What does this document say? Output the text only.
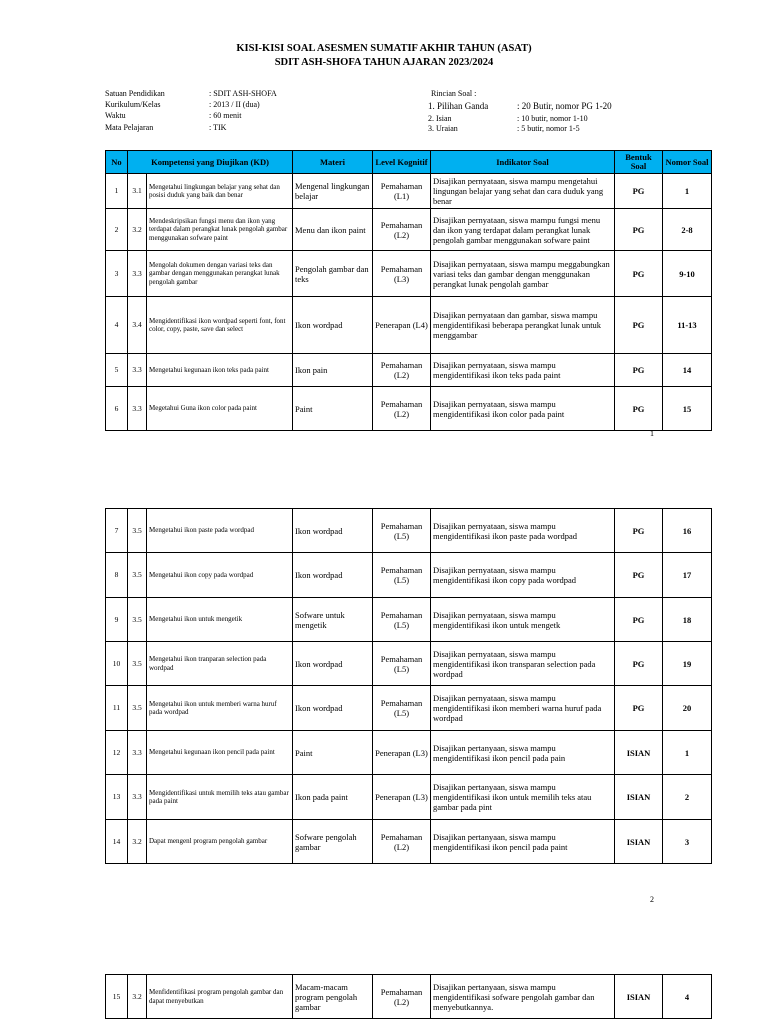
KISI-KISI SOAL ASESMEN SUMATIF AKHIR TAHUN (ASAT)
SDIT ASH-SHOFA TAHUN AJARAN 2023/2024
Satuan Pendidikan	: SDIT ASH-SHOFA
Kurikulum/Kelas	: 2013 / II (dua)
Waktu	: 60 menit
Mata Pelajaran	: TIK
Rincian Soal :
1. Pilihan Ganda	: 20 Butir, nomor PG 1-20
2. Isian	: 10 butir, nomor 1-10
3. Uraian	: 5 butir, nomor 1-5
No	Kompetensi yang Diujikan (KD)		Materi	Level Kognitif	Indikator Soal	Bentuk Soal	Nomor Soal
1	3.1	Mengetahui lingkungan belajar yang sehat dan posisi duduk yang baik dan benar	Mengenal lingkungan belajar	Pemahaman (L1)	Disajikan pernyataan, siswa mampu mengetahui lingungan belajar yang sehat dan cara duduk yang benar	PG	1
2	3.2	Mendeskripsikan fungsi menu dan ikon yang terdapat dalam perangkat lunak pengolah gambar menggunakan sofware paint	Menu dan ikon paint	Pemahaman (L2)	Disajikan pernyataan, siswa mampu fungsi menu dan ikon yang terdapat dalam perangkat lunak pengolah gambar menggunakan sofware paint	PG	2-8
3	3.3	Mengolah dokumen dengan variasi teks dan gambar dengan menggunakan perangkat lunak pengolah gambar	Pengolah gambar dan teks	Pemahaman (L3)	Disajikan pernyataan, siswa mampu meggabungkan variasi teks dan gambar dengan menggunakan perangkat lunak pengolah gambar	PG	9-10
4	3.4	Mengidentifikasi ikon wordpad seperti font, font color, copy, paste, save dan select	Ikon wordpad	Penerapan (L4)	Disajikan pernyataan dan gambar, siswa mampu mengidentifikasi beberapa perangkat lunak untuk menggambar	PG	11-13
5	3.3	Mengetahui kegunaan ikon teks pada paint	Ikon pain	Pemahaman (L2)	Disajikan pernyataan, siswa mampu mengidentifikasi ikon teks pada paint	PG	14
6	3.3	Megetahui Guna ikon color pada paint	Paint	Pemahaman (L2)	Disajikan pernyataan, siswa mampu mengidentifikasi ikon color pada paint	PG	15
1
7	3.5	Mengetahui ikon paste pada wordpad	Ikon wordpad	Pemahaman (L5)	Disajikan pernyataan, siswa mampu mengidentifikasi ikon paste pada wordpad	PG	16
8	3.5	Mengetahui ikon copy pada wordpad	Ikon wordpad	Pemahaman (L5)	Disajikan pernyataan, siswa mampu mengidentifikasi ikon copy pada wordpad	PG	17
9	3.5	Mengetahui ikon untuk mengetik	Sofware untuk mengetik	Pemahaman (L5)	Disajikan pernyataan, siswa mampu mengidentifikasi ikon untuk mengetk	PG	18
10	3.5	Mengetahui ikon tranparan selection pada wordpad	Ikon wordpad	Pemahaman (L5)	Disajikan pernyataan, siswa mampu mengidentifikasi ikon transparan selection pada wordpad	PG	19
11	3.5	Mengetahui ikon untuk memberi warna huruf pada wordpad	Ikon wordpad	Pemahaman (L5)	Disajikan pernyataan, siswa mampu mengidentifikasi ikon memberi warna huruf pada wordpad	PG	20
12	3.3	Mengetahui kegunaan ikon pencil pada paint	Paint	Penerapan (L3)	Disajikan pertanyaan, siswa mampu mengidentifikasi ikon pencil pada pain	ISIAN	1
13	3.3	Mengidentifikasi untuk memilih teks atau gambar pada paint	Ikon pada paint	Penerapan (L3)	Disajikan pertanyaan, siswa mampu mengidentifikasi ikon untuk memilih teks atau gambar pada pint	ISIAN	2
14	3.2	Dapat mengenl program pengolah gambar	Sofware pengolah gambar	Pemahaman (L2)	Disajikan pertanyaan, siswa mampu mengidentifikasi ikon pencil pada paint	ISIAN	3
2
15	3.2	Menfidentifikasi program pengolah gambar dan dapat menyebutkan	Macam-macam program pengolah gambar	Pemahaman (L2)	Disajikan pertanyaan, siswa mampu mengidentifikasi sofware pengolah gambar dan menyebutkannya.	ISIAN	4
